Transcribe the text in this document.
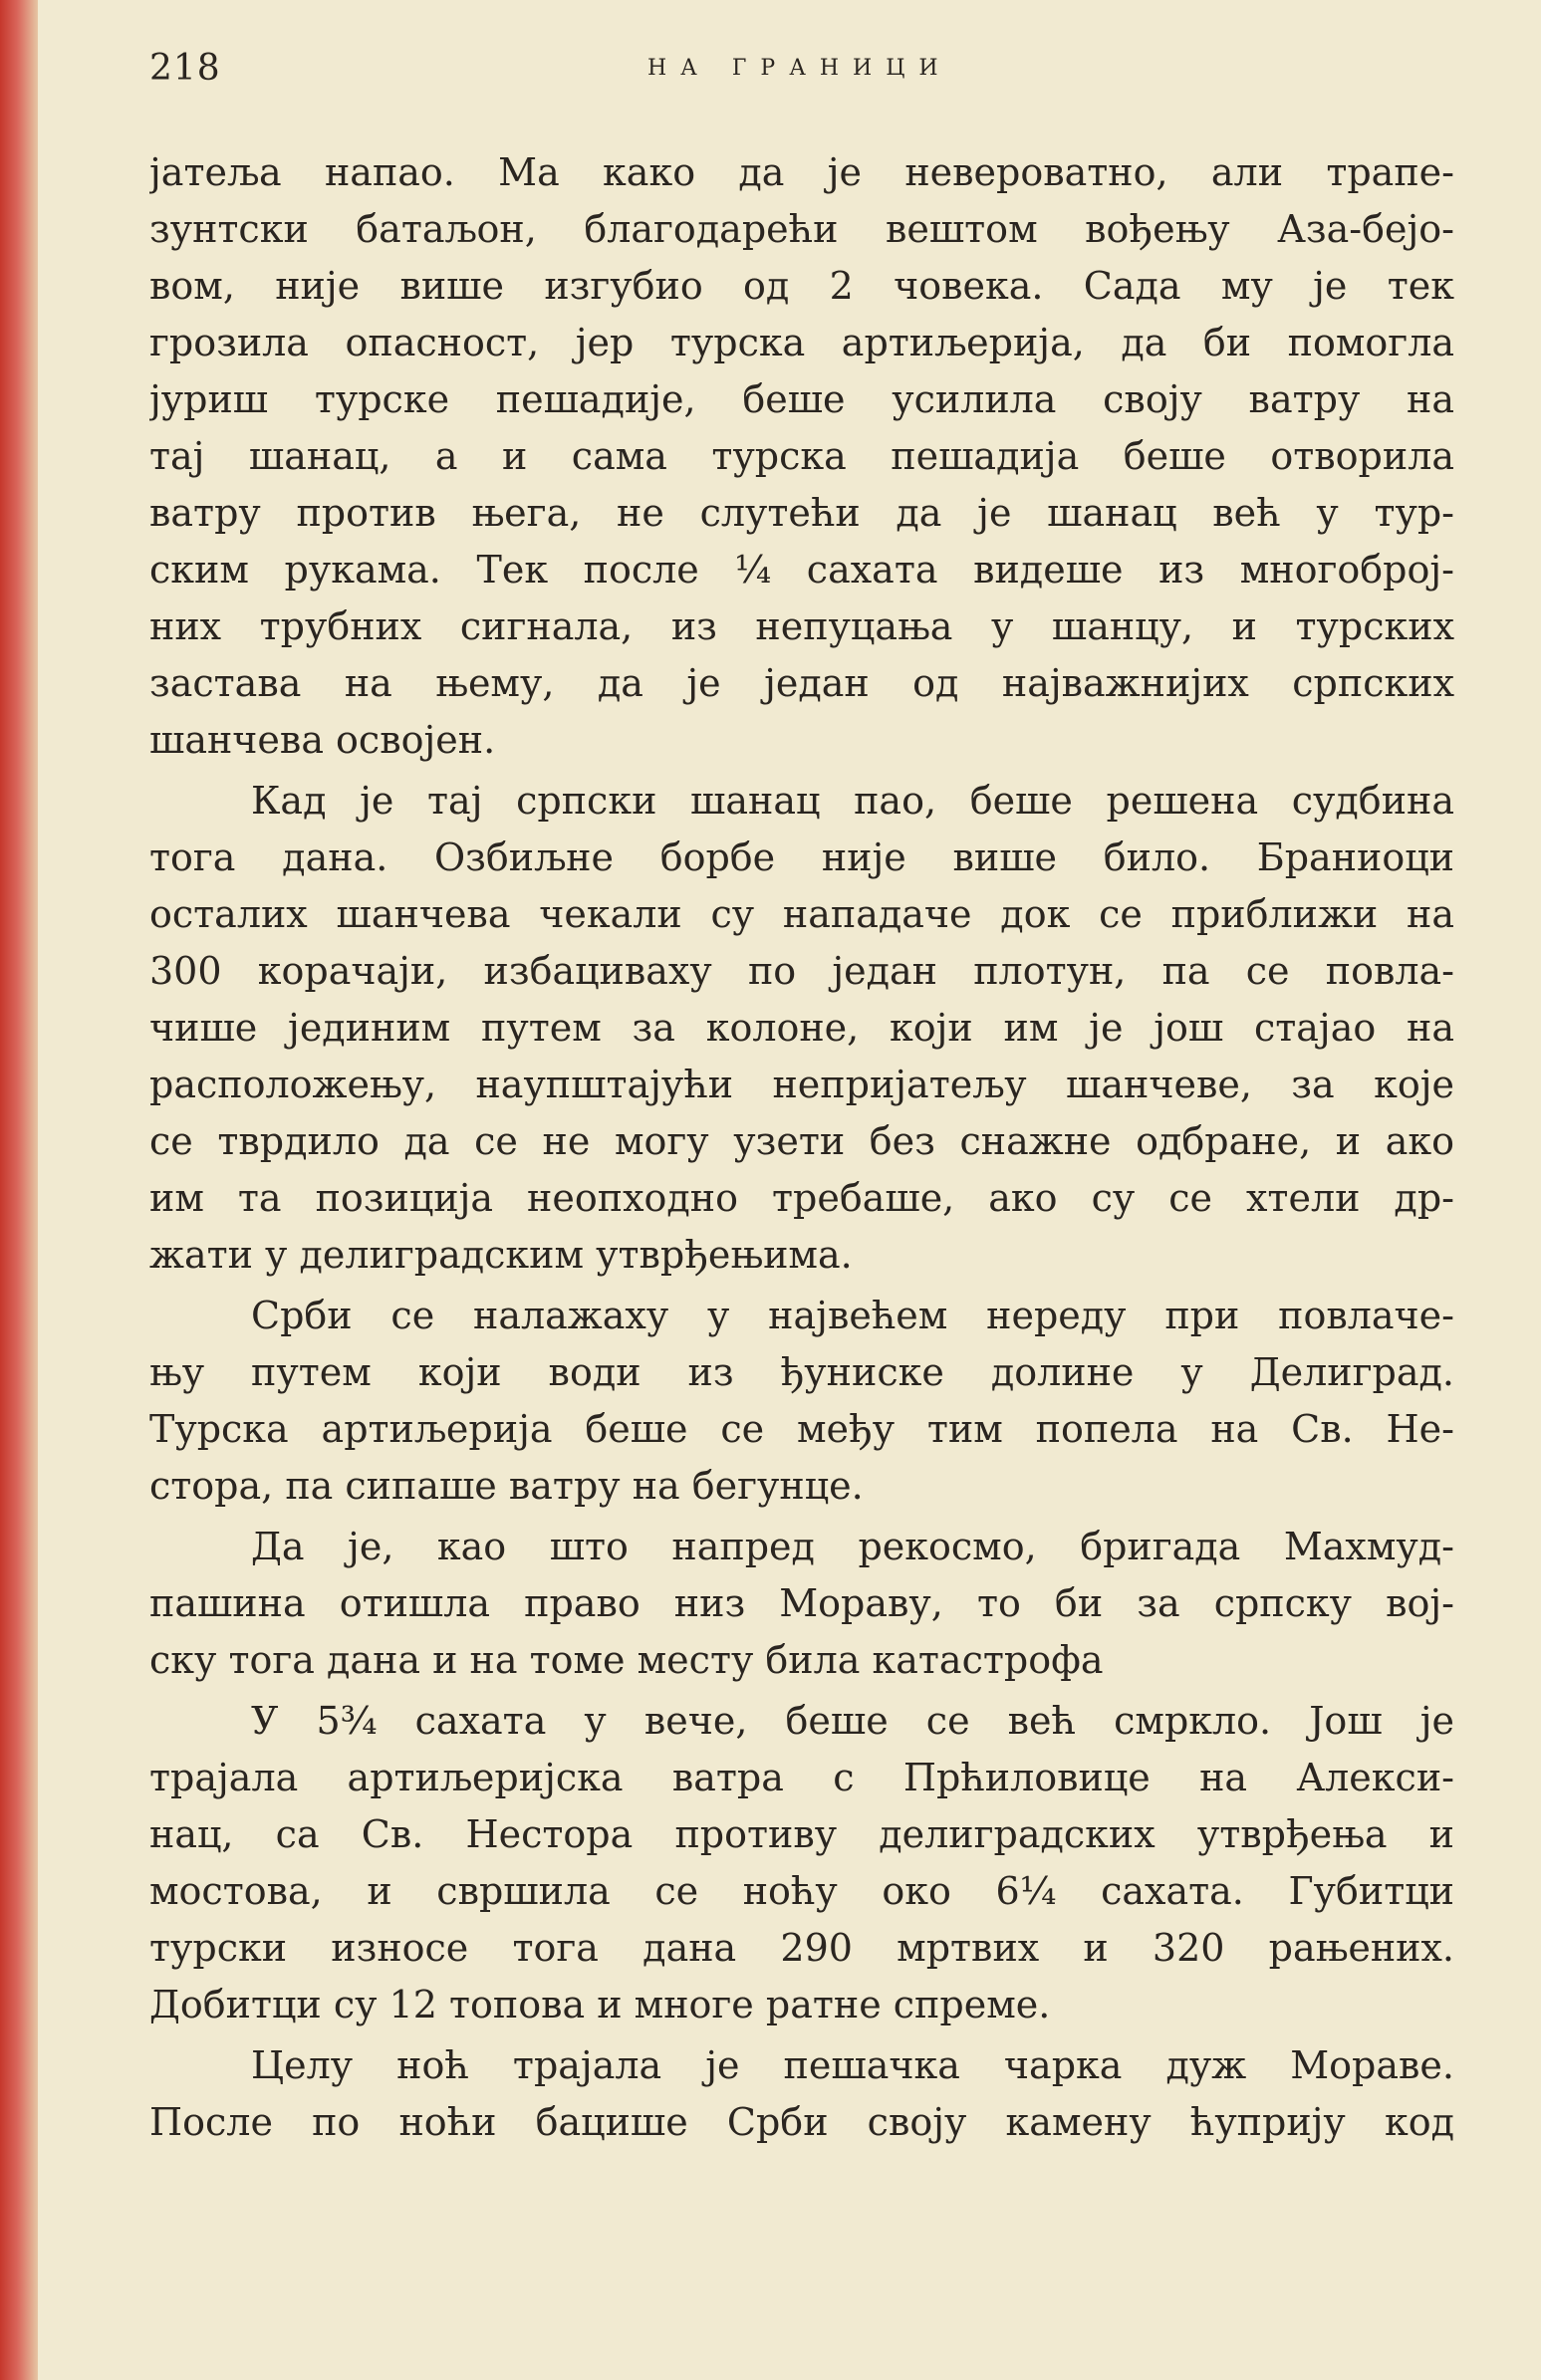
218	НА ГРАНИЦИ
јатеља напао. Ма како да је невероватно, али трапе-
зунтски батаљон, благодарећи вештом вођењу Аза-бејо-
вом, није више изгубио од 2 човека. Сада му је тек
грозила опасност, јер турска артиљерија, да би помогла
јуриш турске пешадије, беше усилила своју ватру на
тај шанац, а и сама турска пешадија беше отворила
ватру против њега, не слутећи да је шанац већ у тур-
ским рукама. Тек после ¼ сахата видеше из многоброј-
них трубних сигнала, из непуцања у шанцу, и турских
застава на њему, да је један од најважнијих српских
шанчева освојен.
Кад је тај српски шанац пао, беше решена судбина
тога дана. Озбиљне борбе није више било. Браниоци
осталих шанчева чекали су нападаче док се приближи на
300 корачаји, избациваху по један плотун, па се повла-
чише јединим путем за колоне, који им је још стајао на
расположењу, наупштајући непријатељу шанчеве, за које
се тврдило да се не могу узети без снажне одбране, и ако
им та позиција неопходно требаше, ако су се хтели др-
жати у делиградским утврђењима.
Срби се налажаху у највећем нереду при повлаче-
њу путем који води из ђуниске долине у Делиград.
Турска артиљерија беше се међу тим попела на Св. Не-
стора, па сипаше ватру на бегунце.
Да је, као што напред рекосмо, бригада Махмуд-
пашина отишла право низ Мораву, то би за српску вој-
ску тога дана и на томе месту била катастрофа
У 5¾ сахата у вече, беше се већ смркло. Још је
трајала артиљеријска ватра с Прћиловице на Алекси-
нац, са Св. Нестора противу делиградских утврђења и
мостова, и свршила се ноћу око 6¼ сахата. Губитци
турски износе тога дана 290 мртвих и 320 рањених.
Добитци су 12 топова и многе ратне спреме.
Целу ноћ трајала је пешачка чарка дуж Мораве.
После по ноћи бацише Срби своју камену ћуприју код
